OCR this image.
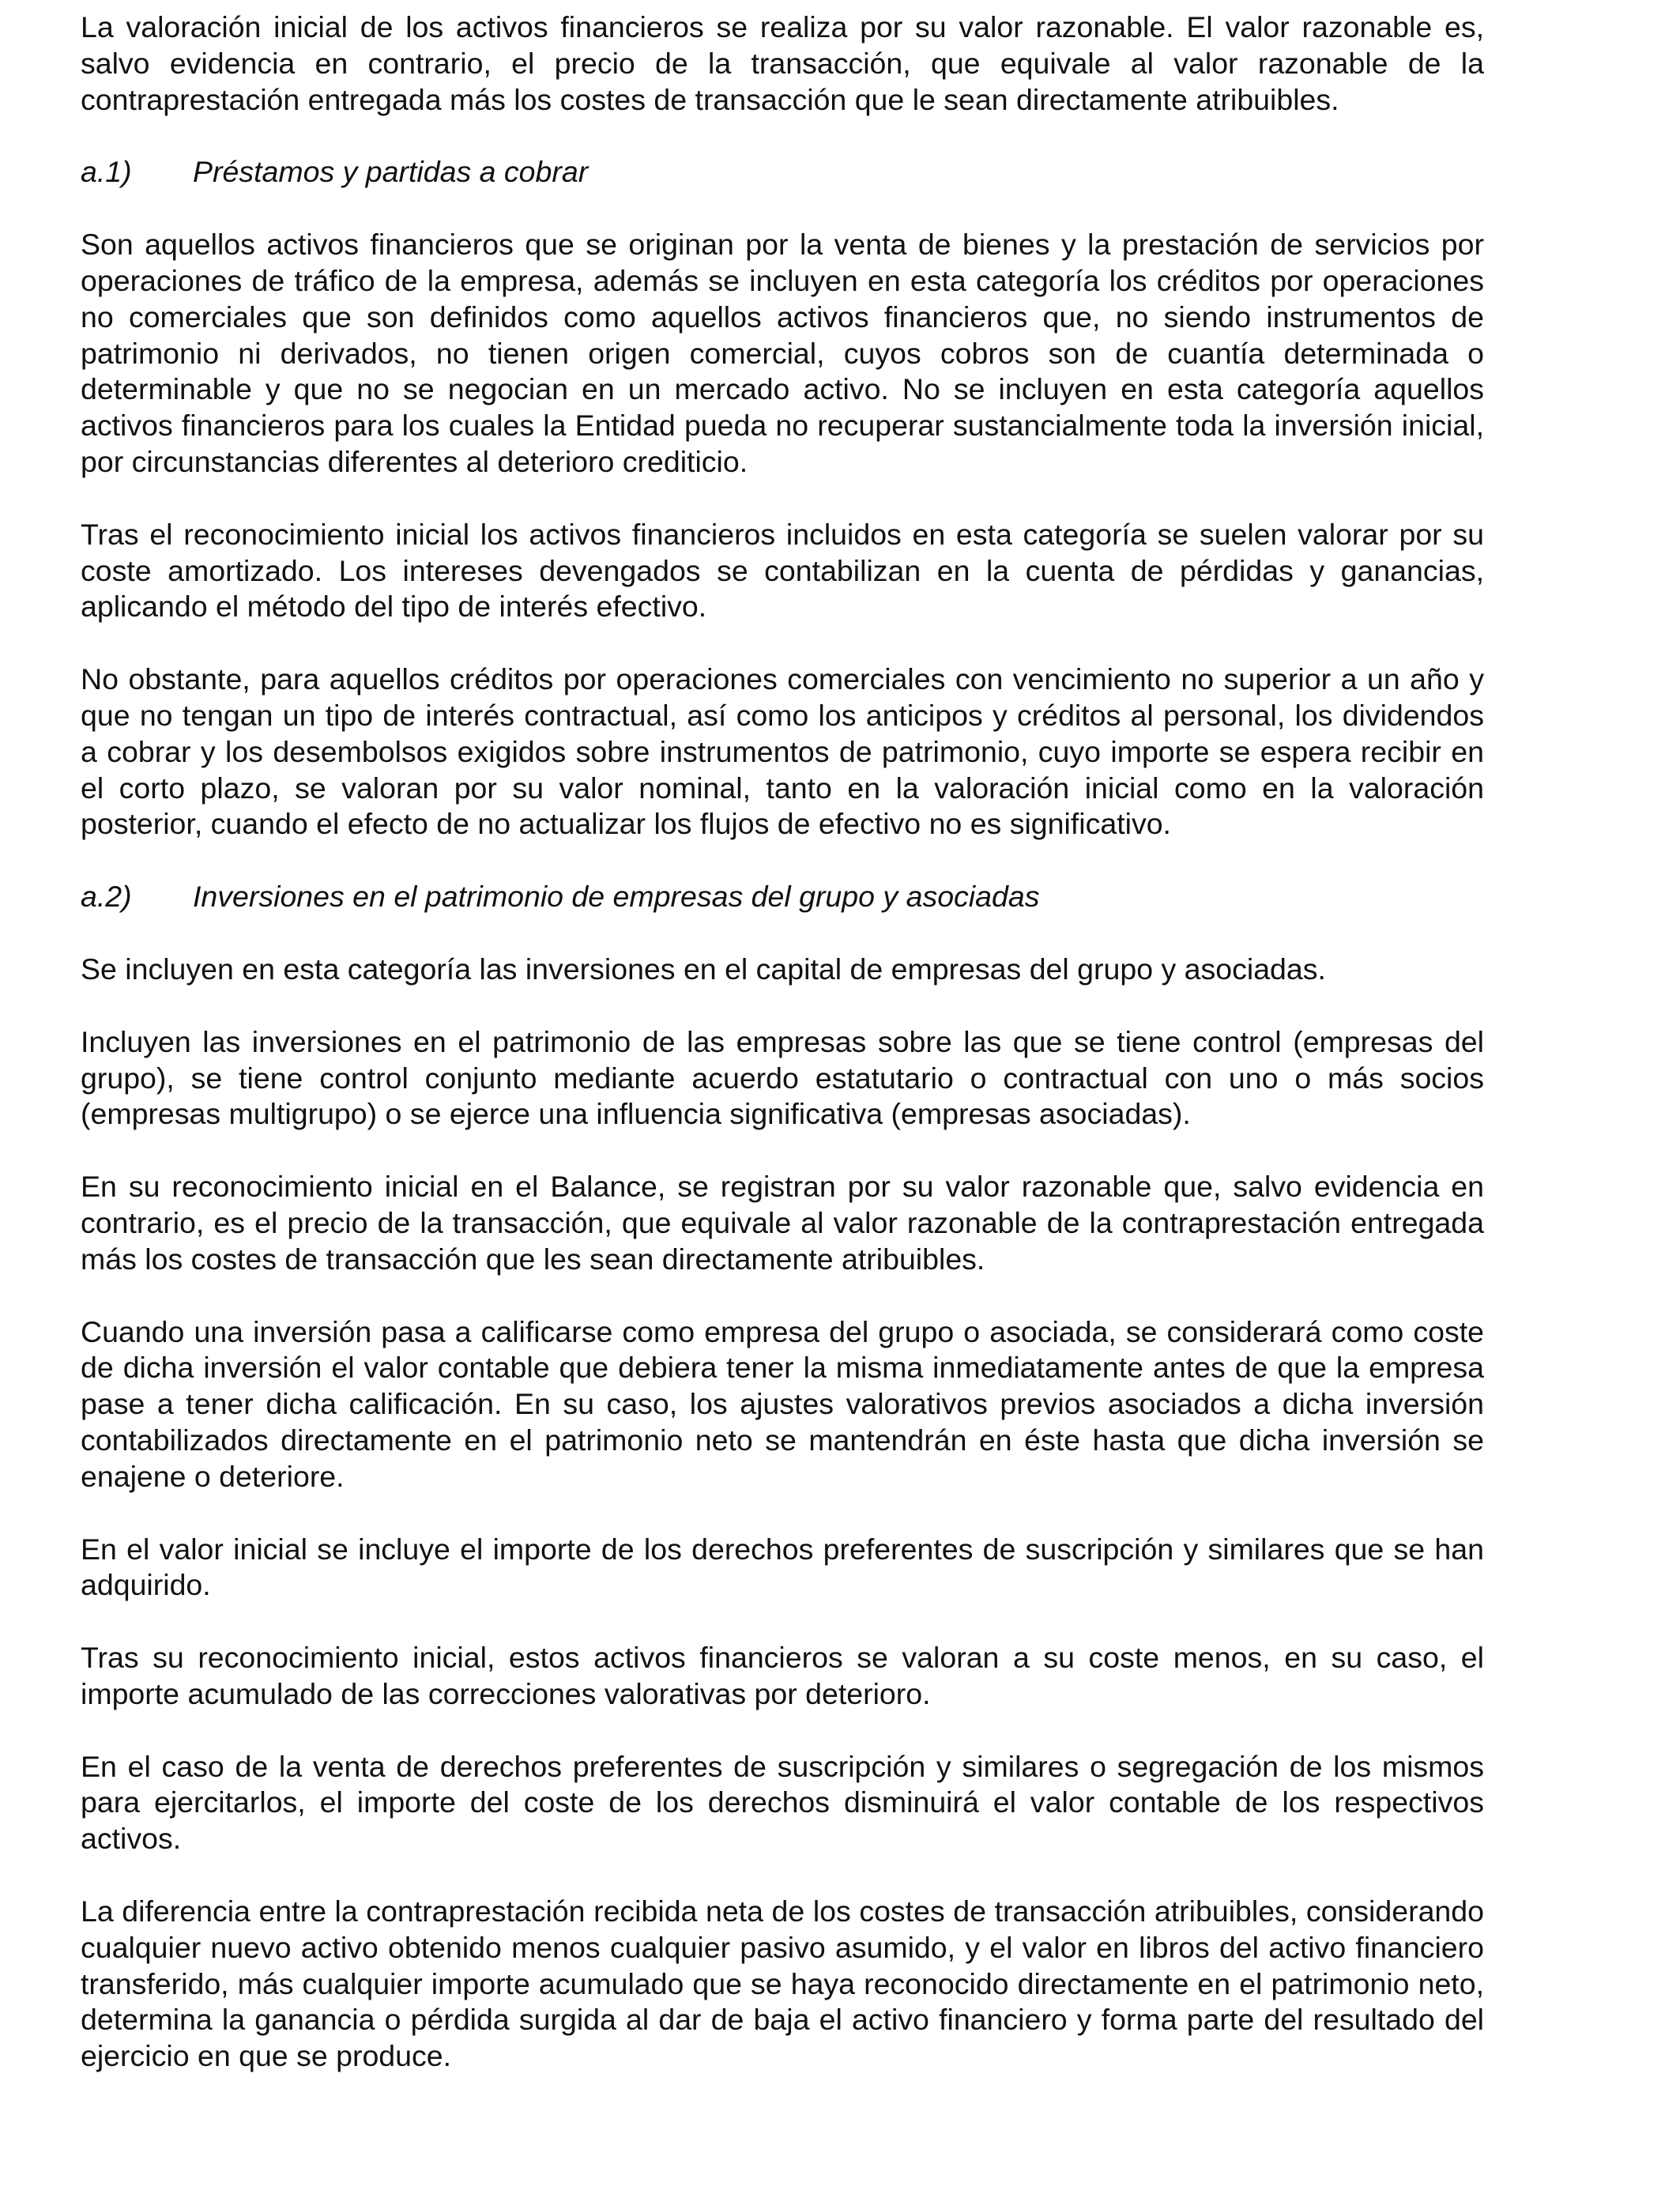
La valoración inicial de los activos financieros se realiza por su valor razonable. El valor razonable es, salvo evidencia en contrario, el precio de la transacción, que equivale al valor razonable de la contraprestación entregada más los costes de transacción que le sean directamente atribuibles.

a.1)	Préstamos y partidas a cobrar

Son aquellos activos financieros que se originan por la venta de bienes y la prestación de servicios por operaciones de tráfico de la empresa, además se incluyen en esta categoría los créditos por operaciones no comerciales que son definidos como aquellos activos financieros que, no siendo instrumentos de patrimonio ni derivados, no tienen origen comercial, cuyos cobros son de cuantía determinada o determinable y que no se negocian en un mercado activo. No se incluyen en esta categoría aquellos activos financieros para los cuales la Entidad pueda no recuperar sustancialmente toda la inversión inicial, por circunstancias diferentes al deterioro crediticio.

Tras el reconocimiento inicial los activos financieros incluidos en esta categoría se suelen valorar por su coste amortizado. Los intereses devengados se contabilizan en la cuenta de pérdidas y ganancias, aplicando el método del tipo de interés efectivo.

No obstante, para aquellos créditos por operaciones comerciales con vencimiento no superior a un año y que no tengan un tipo de interés contractual, así como los anticipos y créditos al personal, los dividendos a cobrar y los desembolsos exigidos sobre instrumentos de patrimonio, cuyo importe se espera recibir en el corto plazo, se valoran por su valor nominal, tanto en la valoración inicial como en la valoración posterior, cuando el efecto de no actualizar los flujos de efectivo no es significativo.

a.2)	Inversiones en el patrimonio de empresas del grupo y asociadas

Se incluyen en esta categoría las inversiones en el capital de empresas del grupo y asociadas.

Incluyen las inversiones en el patrimonio de las empresas sobre las que se tiene control (empresas del grupo), se tiene control conjunto mediante acuerdo estatutario o contractual con uno o más socios (empresas multigrupo) o se ejerce una influencia significativa (empresas asociadas).

En su reconocimiento inicial en el Balance, se registran por su valor razonable que, salvo evidencia en contrario, es el precio de la transacción, que equivale al valor razonable de la contraprestación entregada más los costes de transacción que les sean directamente atribuibles.

Cuando una inversión pasa a calificarse como empresa del grupo o asociada, se considerará como coste de dicha inversión el valor contable que debiera tener la misma inmediatamente antes de que la empresa pase a tener dicha calificación. En su caso, los ajustes valorativos previos asociados a dicha inversión contabilizados directamente en el patrimonio neto se mantendrán en éste hasta que dicha inversión se enajene o deteriore.

En el valor inicial se incluye el importe de los derechos preferentes de suscripción y similares que se han adquirido.

Tras su reconocimiento inicial, estos activos financieros se valoran a su coste menos, en su caso, el importe acumulado de las correcciones valorativas por deterioro.

En el caso de la venta de derechos preferentes de suscripción y similares o segregación de los mismos para ejercitarlos, el importe del coste de los derechos disminuirá el valor contable de los respectivos activos.

La diferencia entre la contraprestación recibida neta de los costes de transacción atribuibles, considerando cualquier nuevo activo obtenido menos cualquier pasivo asumido, y el valor en libros del activo financiero transferido, más cualquier importe acumulado que se haya reconocido directamente en el patrimonio neto, determina la ganancia o pérdida surgida al dar de baja el activo financiero y forma parte del resultado del ejercicio en que se produce.
